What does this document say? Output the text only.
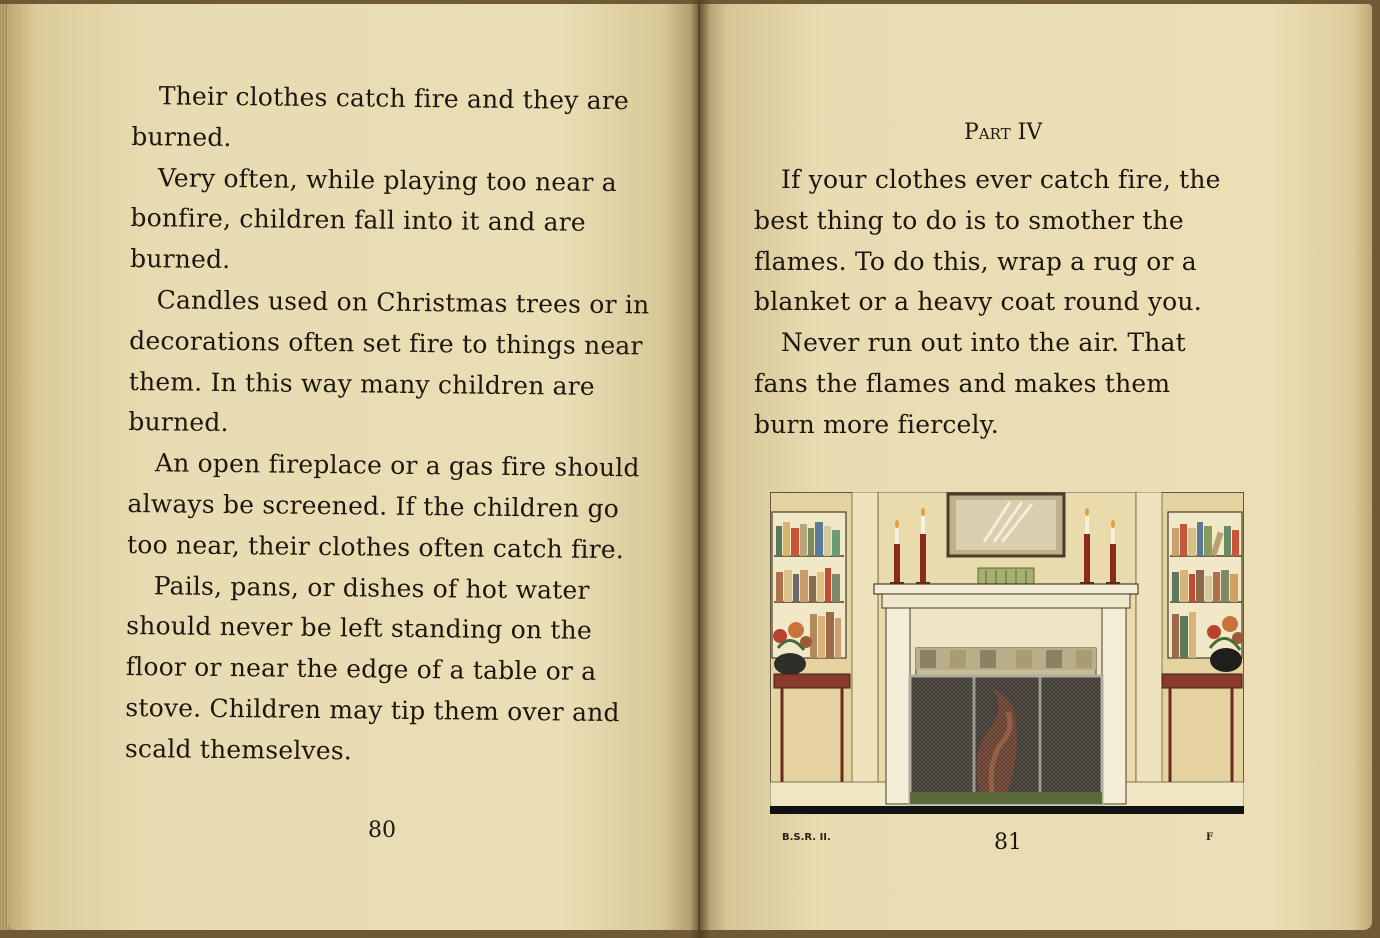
Their clothes catch fire and they are burned.

Very often, while playing too near a bonfire, children fall into it and are burned.

Candles used on Christmas trees or in decorations often set fire to things near them. In this way many children are burned.

An open fireplace or a gas fire should always be screened. If the children go too near, their clothes often catch fire.

Pails, pans, or dishes of hot water should never be left standing on the floor or near the edge of a table or a stove. Children may tip them over and scald themselves.

80
Part IV

If your clothes ever catch fire, the best thing to do is to smother the flames. To do this, wrap a rug or a blanket or a heavy coat round you.

Never run out into the air. That fans the flames and makes them burn more fiercely.

B.S.R. II.	81	F
